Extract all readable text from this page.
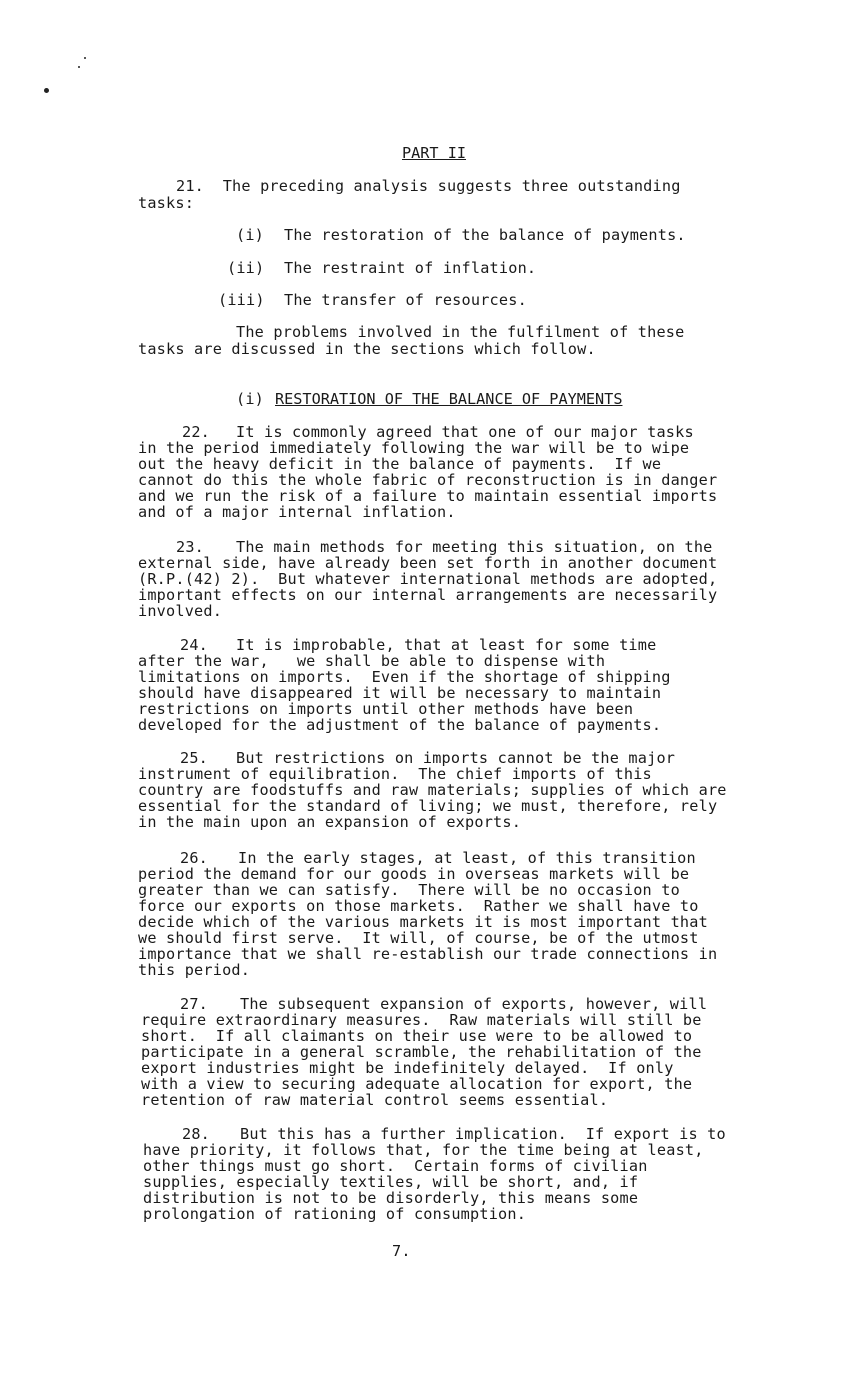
PART II
21.  The preceding analysis suggests three outstanding
tasks:
(i) The restoration of the balance of payments.
(ii) The restraint of inflation.
(iii) The transfer of resources.
The problems involved in the fulfilment of these
tasks are discussed in the sections which follow.
(i) RESTORATION OF THE BALANCE OF PAYMENTS
22. It is commonly agreed that one of our major tasks
in the period immediately following the war will be to wipe
out the heavy deficit in the balance of payments.  If we
cannot do this the whole fabric of reconstruction is in danger
and we run the risk of a failure to maintain essential imports
and of a major internal inflation.
23. The main methods for meeting this situation, on the
external side, have already been set forth in another document
(R.P.(42) 2).  But whatever international methods are adopted,
important effects on our internal arrangements are necessarily
involved.
24. It is improbable, that at least for some time
after the war,   we shall be able to dispense with
limitations on imports.  Even if the shortage of shipping
should have disappeared it will be necessary to maintain
restrictions on imports until other methods have been
developed for the adjustment of the balance of payments.
25. But restrictions on imports cannot be the major
instrument of equilibration.  The chief imports of this
country are foodstuffs and raw materials; supplies of which are
essential for the standard of living; we must, therefore, rely
in the main upon an expansion of exports.
26. In the early stages, at least, of this transition
period the demand for our goods in overseas markets will be
greater than we can satisfy.  There will be no occasion to
force our exports on those markets.  Rather we shall have to
decide which of the various markets it is most important that
we should first serve.  It will, of course, be of the utmost
importance that we shall re-establish our trade connections in
this period.
27. The subsequent expansion of exports, however, will
require extraordinary measures.  Raw materials will still be
short.  If all claimants on their use were to be allowed to
participate in a general scramble, the rehabilitation of the
export industries might be indefinitely delayed.  If only
with a view to securing adequate allocation for export, the
retention of raw material control seems essential.
28. But this has a further implication.  If export is to
have priority, it follows that, for the time being at least,
other things must go short.  Certain forms of civilian
supplies, especially textiles, will be short, and, if
distribution is not to be disorderly, this means some
prolongation of rationing of consumption.
7.
